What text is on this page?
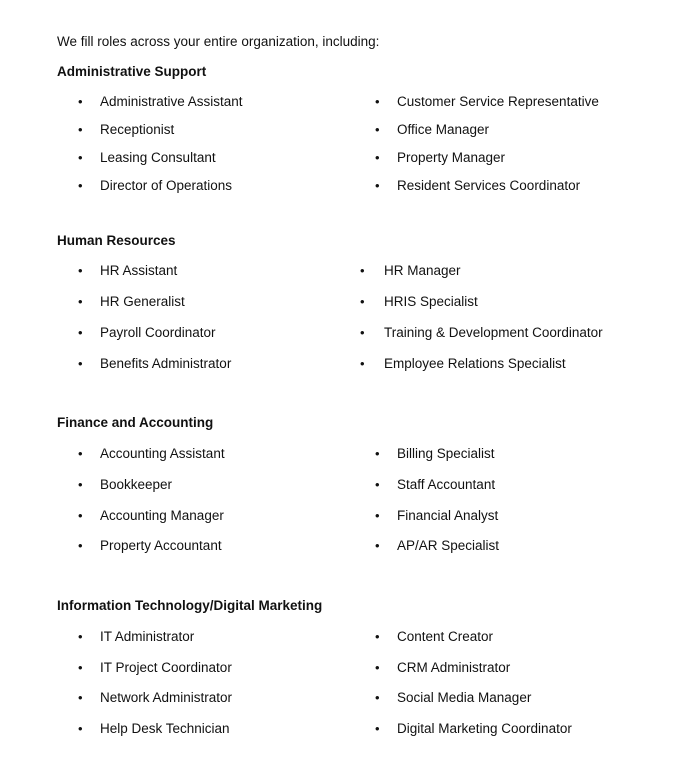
We fill roles across your entire organization, including:
Administrative Support
•	Administrative Assistant
•	Receptionist
•	Leasing Consultant
•	Director of Operations
•	Customer Service Representative
•	Office Manager
•	Property Manager
•	Resident Services Coordinator
Human Resources
•	HR Assistant
•	HR Generalist
•	Payroll Coordinator
•	Benefits Administrator
•	HR Manager
•	HRIS Specialist
•	Training & Development Coordinator
•	Employee Relations Specialist
Finance and Accounting
•	Accounting Assistant
•	Bookkeeper
•	Accounting Manager
•	Property Accountant
•	Billing Specialist
•	Staff Accountant
•	Financial Analyst
•	AP/AR Specialist
Information Technology/Digital Marketing
•	IT Administrator
•	IT Project Coordinator
•	Network Administrator
•	Help Desk Technician
•	Content Creator
•	CRM Administrator
•	Social Media Manager
•	Digital Marketing Coordinator
